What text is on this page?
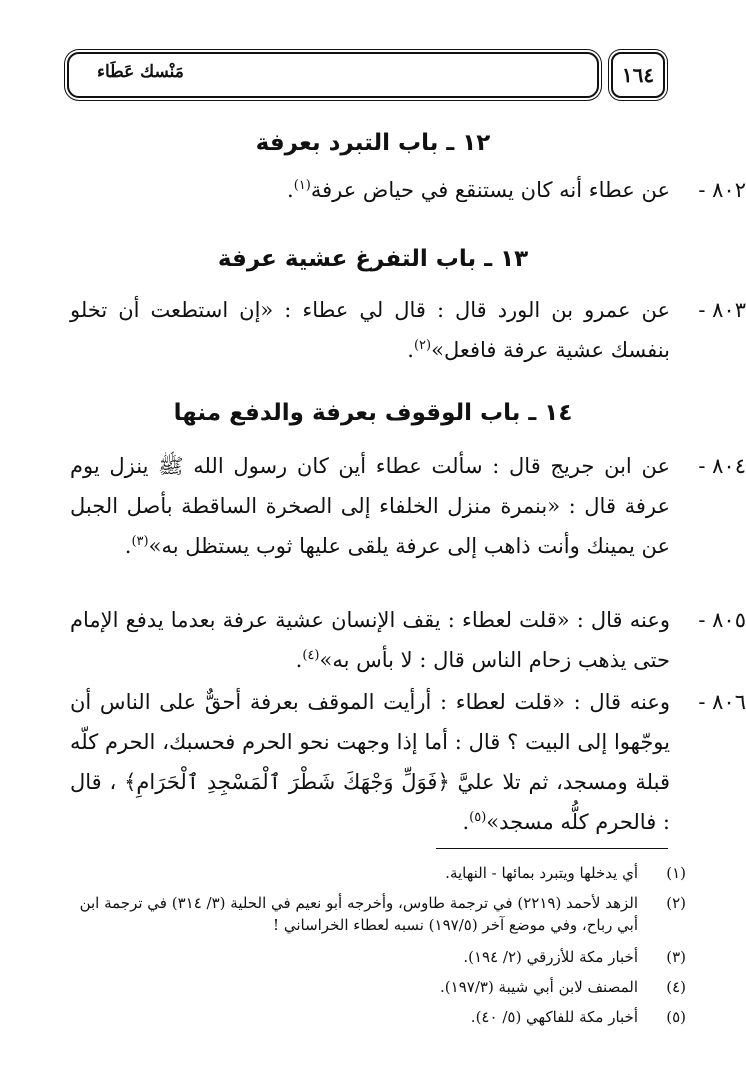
مَنْسك عَطَاء	١٦٤
١٢ ـ باب التبرد بعرفة
٨٠٢ -

عن عطاء أنه كان يستنقع في حياض عرفة$^{(١)}$.

١٣ ـ باب التفرغ عشية عرفة
٨٠٣ -

عن عمرو بن الورد قال : قال لي عطاء : «إن استطعت أن تخلو بنفسك عشية عرفة فافعل»$^{(٢)}$.

١٤ ـ باب الوقوف بعرفة والدفع منها
٨٠٤ -

عن ابن جريج قال : سألت عطاء أين كان رسول الله ﷺ ينزل يوم عرفة قال : «بنمرة منزل الخلفاء إلى الصخرة الساقطة بأصل الجبل عن يمينك وأنت ذاهب إلى عرفة يلقى عليها ثوب يستظل به»$^{(٣)}$.

٨٠٥ -

وعنه قال : «قلت لعطاء : يقف الإنسان عشية عرفة بعدما يدفع الإمام حتى يذهب زحام الناس قال : لا بأس به»$^{(٤)}$.

٨٠٦ -

وعنه قال : «قلت لعطاء : أرأيت الموقف بعرفة أحقٌّ على الناس أن يوجّهوا إلى البيت ؟ قال : أما إذا وجهت نحو الحرم فحسبك، الحرم كلّه قبلة ومسجد، ثم تلا عليَّ ﴿فَوَلِّ وَجْهَكَ شَطْرَ ٱلْمَسْجِدِ ٱلْحَرَامِ﴾ ، قال : فالحرم كلُّه مسجد»$^{(٥)}$.

(١)
أي يدخلها ويتبرد بمائها - النهاية.
(٢)
الزهد لأحمد (٢٢١٩) في ترجمة طاوس، وأخرجه أبو نعيم في الحلية (٣/ ٣١٤) في ترجمة ابن أبي رباح، وفي موضع آخر (١٩٧/٥) نسبه لعطاء الخراساني !
(٣)
أخبار مكة للأزرقي (٢/ ١٩٤).
(٤)
المصنف لابن أبي شيبة (١٩٧/٣).
(٥)
أخبار مكة للفاكهي (٥/ ٤٠).
